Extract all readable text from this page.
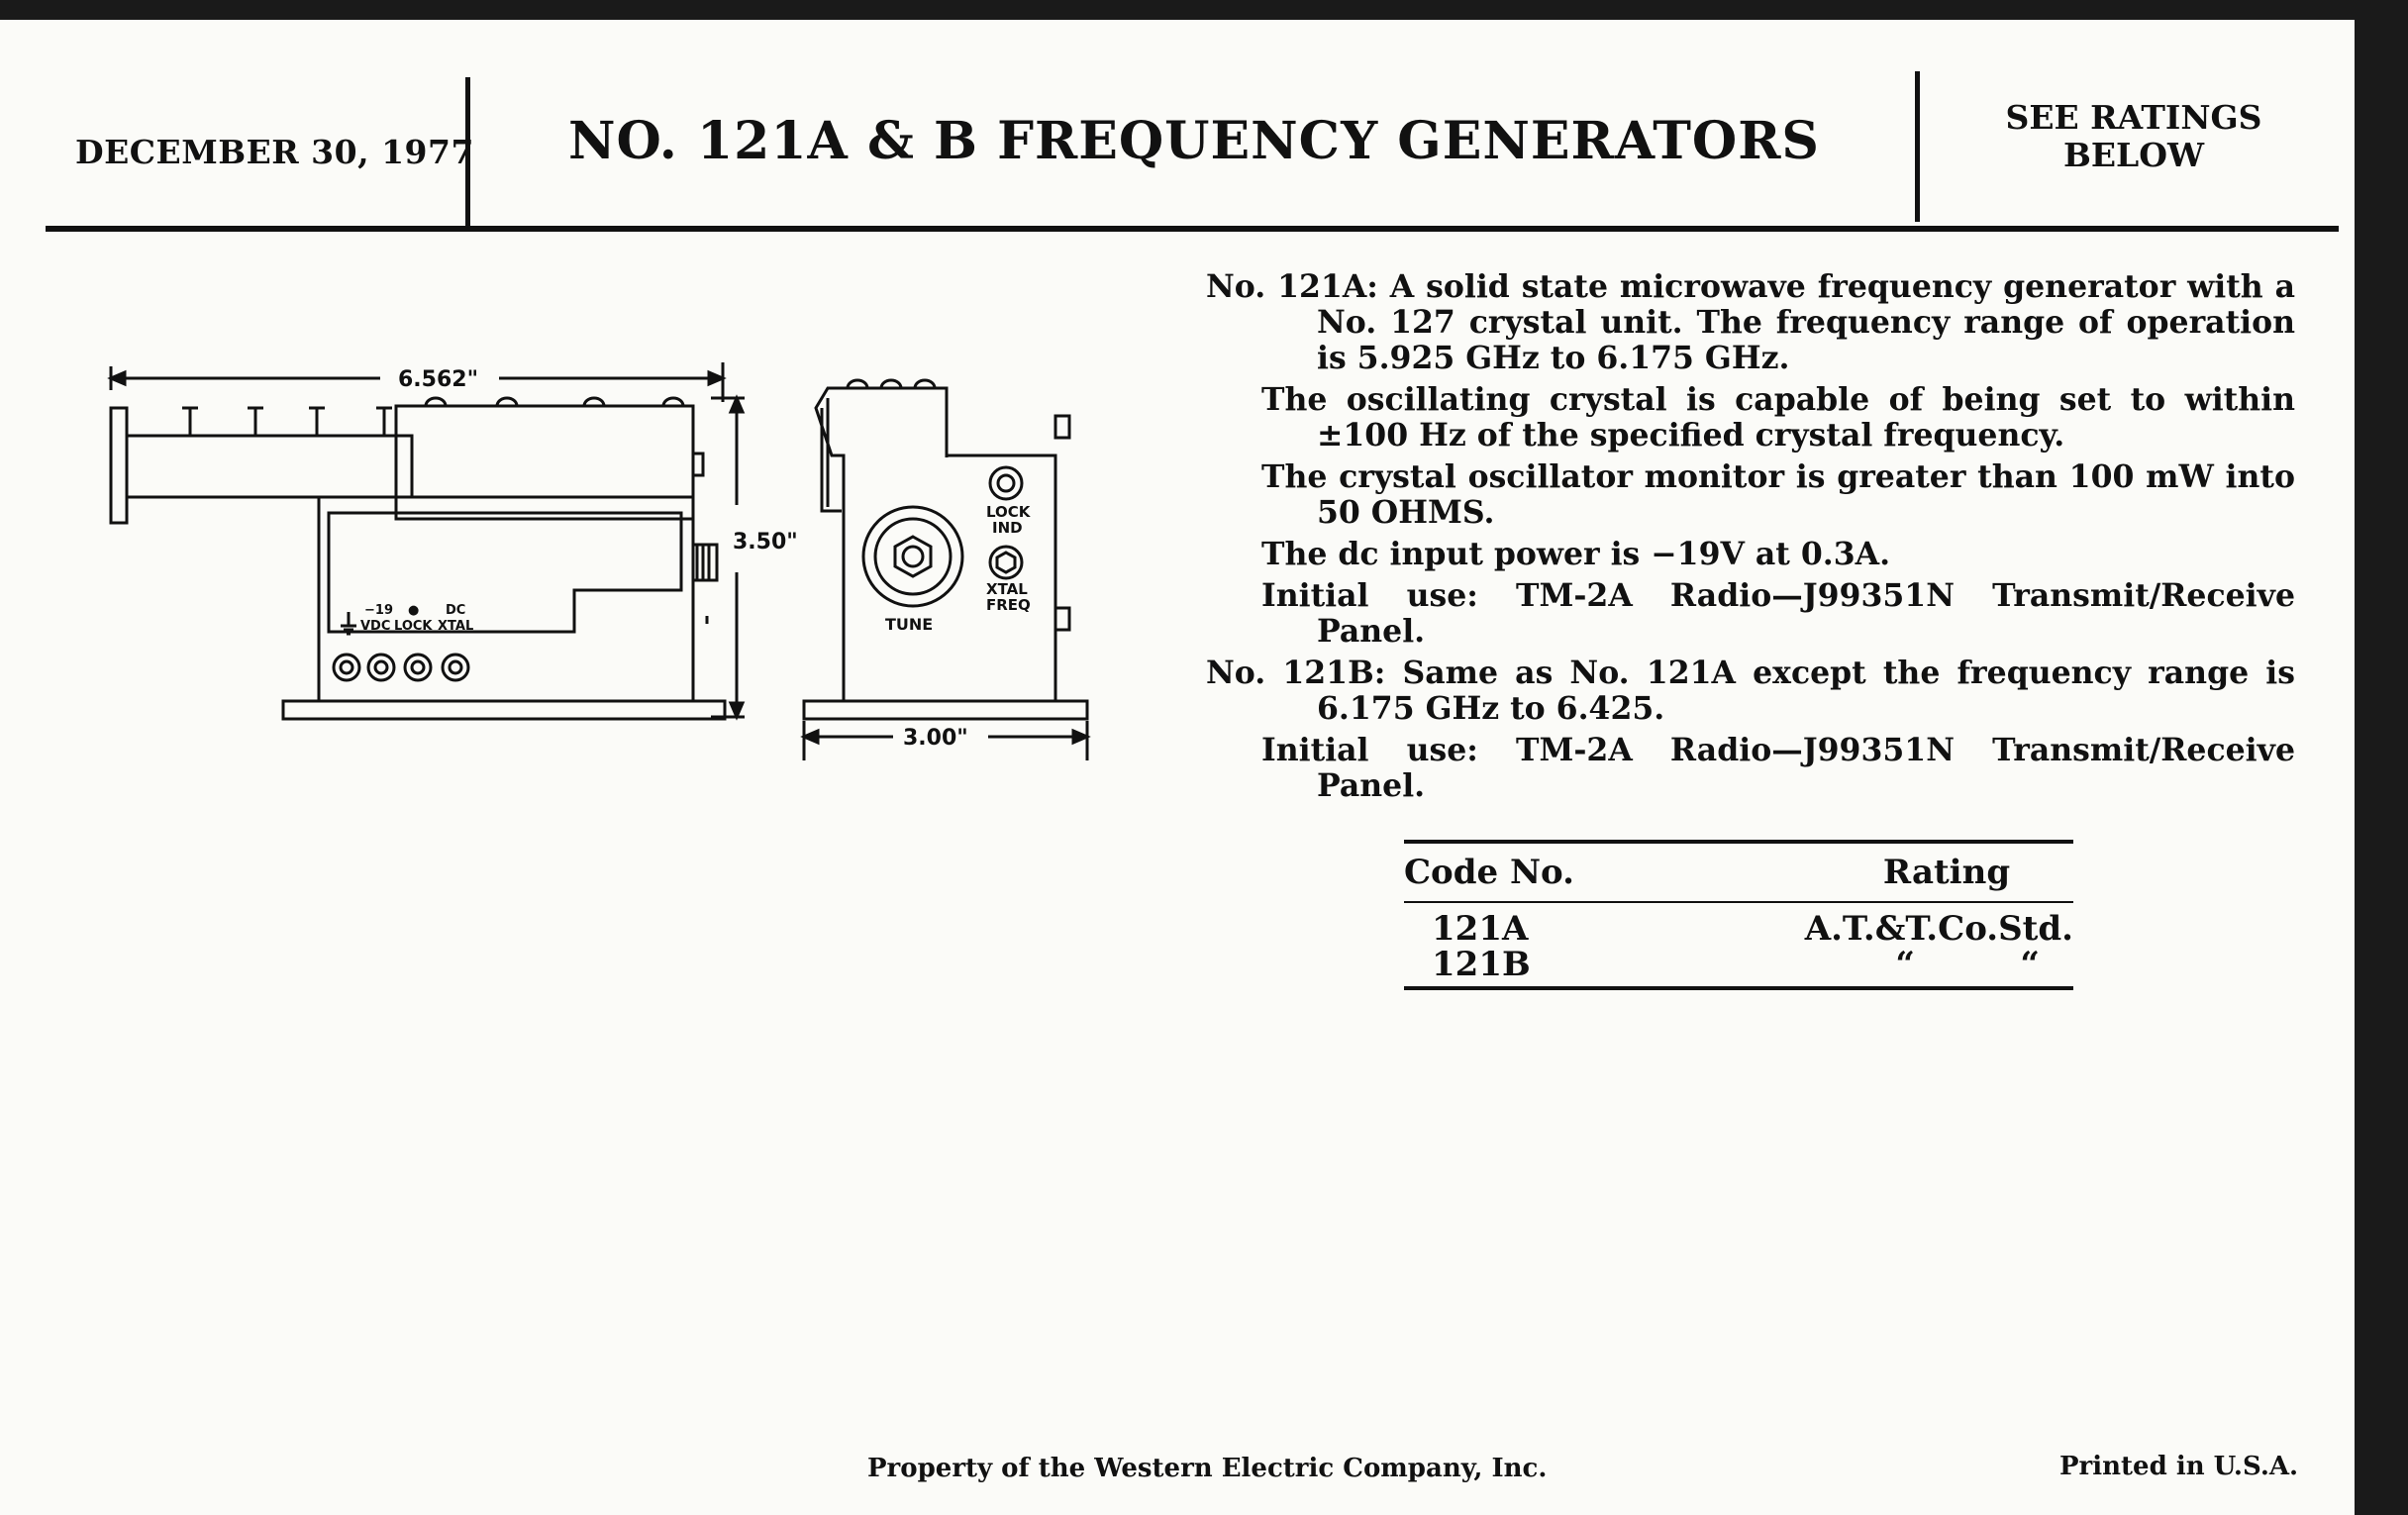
DECEMBER 30, 1977	NO. 121A & B FREQUENCY GENERATORS	SEE RATINGS
BELOW
6.562"
3.50"
3.00"
−19
VDC
●
LOCK
DC
XTAL
LOCK
IND
XTAL
FREQ
TUNE

No. 121A: A solid state microwave frequency generator with a No. 127 crystal unit. The frequency range of operation is 5.925 GHz to 6.175 GHz.

The oscillating crystal is capable of being set to within ±100 Hz of the specified crystal frequency.

The crystal oscillator monitor is greater than 100 mW into 50 OHMS.

The dc input power is −19V at 0.3A.

Initial use: TM-2A Radio—J99351N Transmit/Receive Panel.

No. 121B: Same as No. 121A except the frequency range is 6.175 GHz to 6.425.

Initial use: TM-2A Radio—J99351N Transmit/Receive Panel.

Code No.	Rating
121A	A.T.&T.Co.Std.
121B	“         “
Property of the Western Electric Company, Inc.	Printed in U.S.A.
